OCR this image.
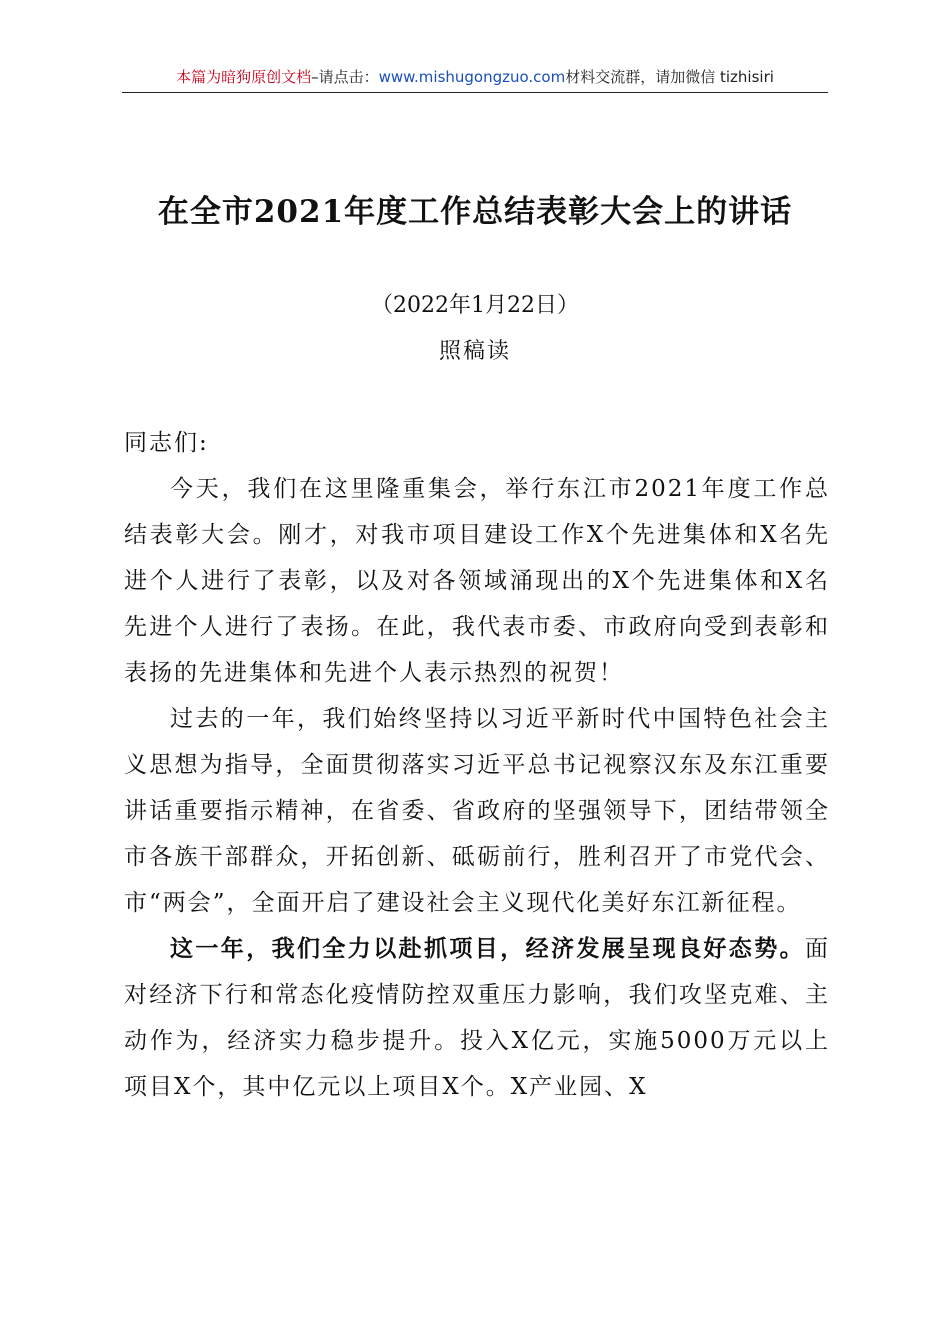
本篇为暗狗原创文档–请点击：www.mishugongzuo.com材料交流群，请加微信 tizhisiri
在全市2021年度工作总结表彰大会上的讲话
（2022年1月22日）
照稿读

同志们:

今天，我们在这里隆重集会，举行东江市2021年度工作总结表彰大会。刚才，对我市项目建设工作X个先进集体和X名先进个人进行了表彰，以及对各领域涌现出的X个先进集体和X名先进个人进行了表扬。在此，我代表市委、市政府向受到表彰和表扬的先进集体和先进个人表示热烈的祝贺！

过去的一年，我们始终坚持以习近平新时代中国特色社会主义思想为指导，全面贯彻落实习近平总书记视察汉东及东江重要讲话重要指示精神，在省委、省政府的坚强领导下，团结带领全市各族干部群众，开拓创新、砥砺前行，胜利召开了市党代会、市“两会”，全面开启了建设社会主义现代化美好东江新征程。

这一年，我们全力以赴抓项目，经济发展呈现良好态势。面对经济下行和常态化疫情防控双重压力影响，我们攻坚克难、主动作为，经济实力稳步提升。投入X亿元，实施5000万元以上项目X个，其中亿元以上项目X个。X产业园、X
